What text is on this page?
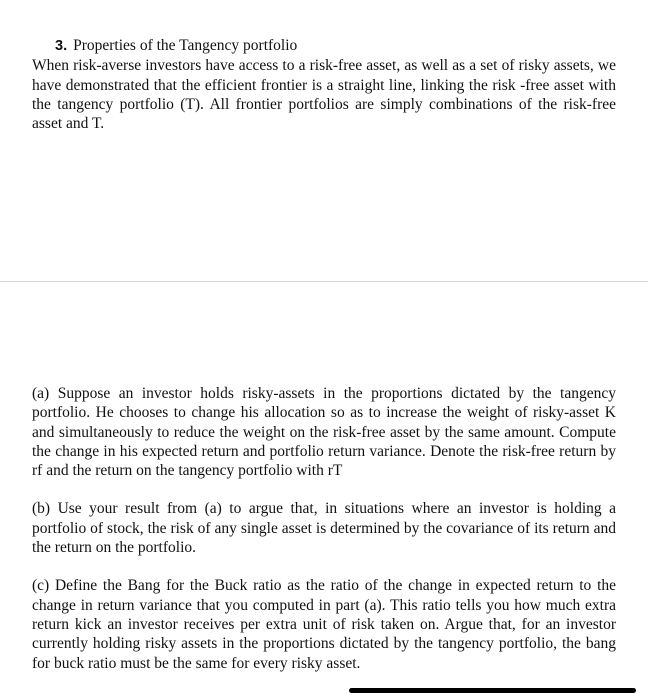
3. Properties of the Tangency portfolio
When risk-averse investors have access to a risk-free asset, as well as a set of risky assets, we have demonstrated that the efficient frontier is a straight line, linking the risk -free asset with the tangency portfolio (T). All frontier portfolios are simply combinations of the risk-free asset and T.

(a) Suppose an investor holds risky-assets in the proportions dictated by the tangency portfolio. He chooses to change his allocation so as to increase the weight of risky-asset K and simultaneously to reduce the weight on the risk-free asset by the same amount. Compute the change in his expected return and portfolio return variance. Denote the risk-free return by rf and the return on the tangency portfolio with rT

(b) Use your result from (a) to argue that, in situations where an investor is holding a portfolio of stock, the risk of any single asset is determined by the covariance of its return and the return on the portfolio.

(c) Define the Bang for the Buck ratio as the ratio of the change in expected return to the change in return variance that you computed in part (a). This ratio tells you how much extra return kick an investor receives per extra unit of risk taken on. Argue that, for an investor currently holding risky assets in the proportions dictated by the tangency portfolio, the bang for buck ratio must be the same for every risky asset.
